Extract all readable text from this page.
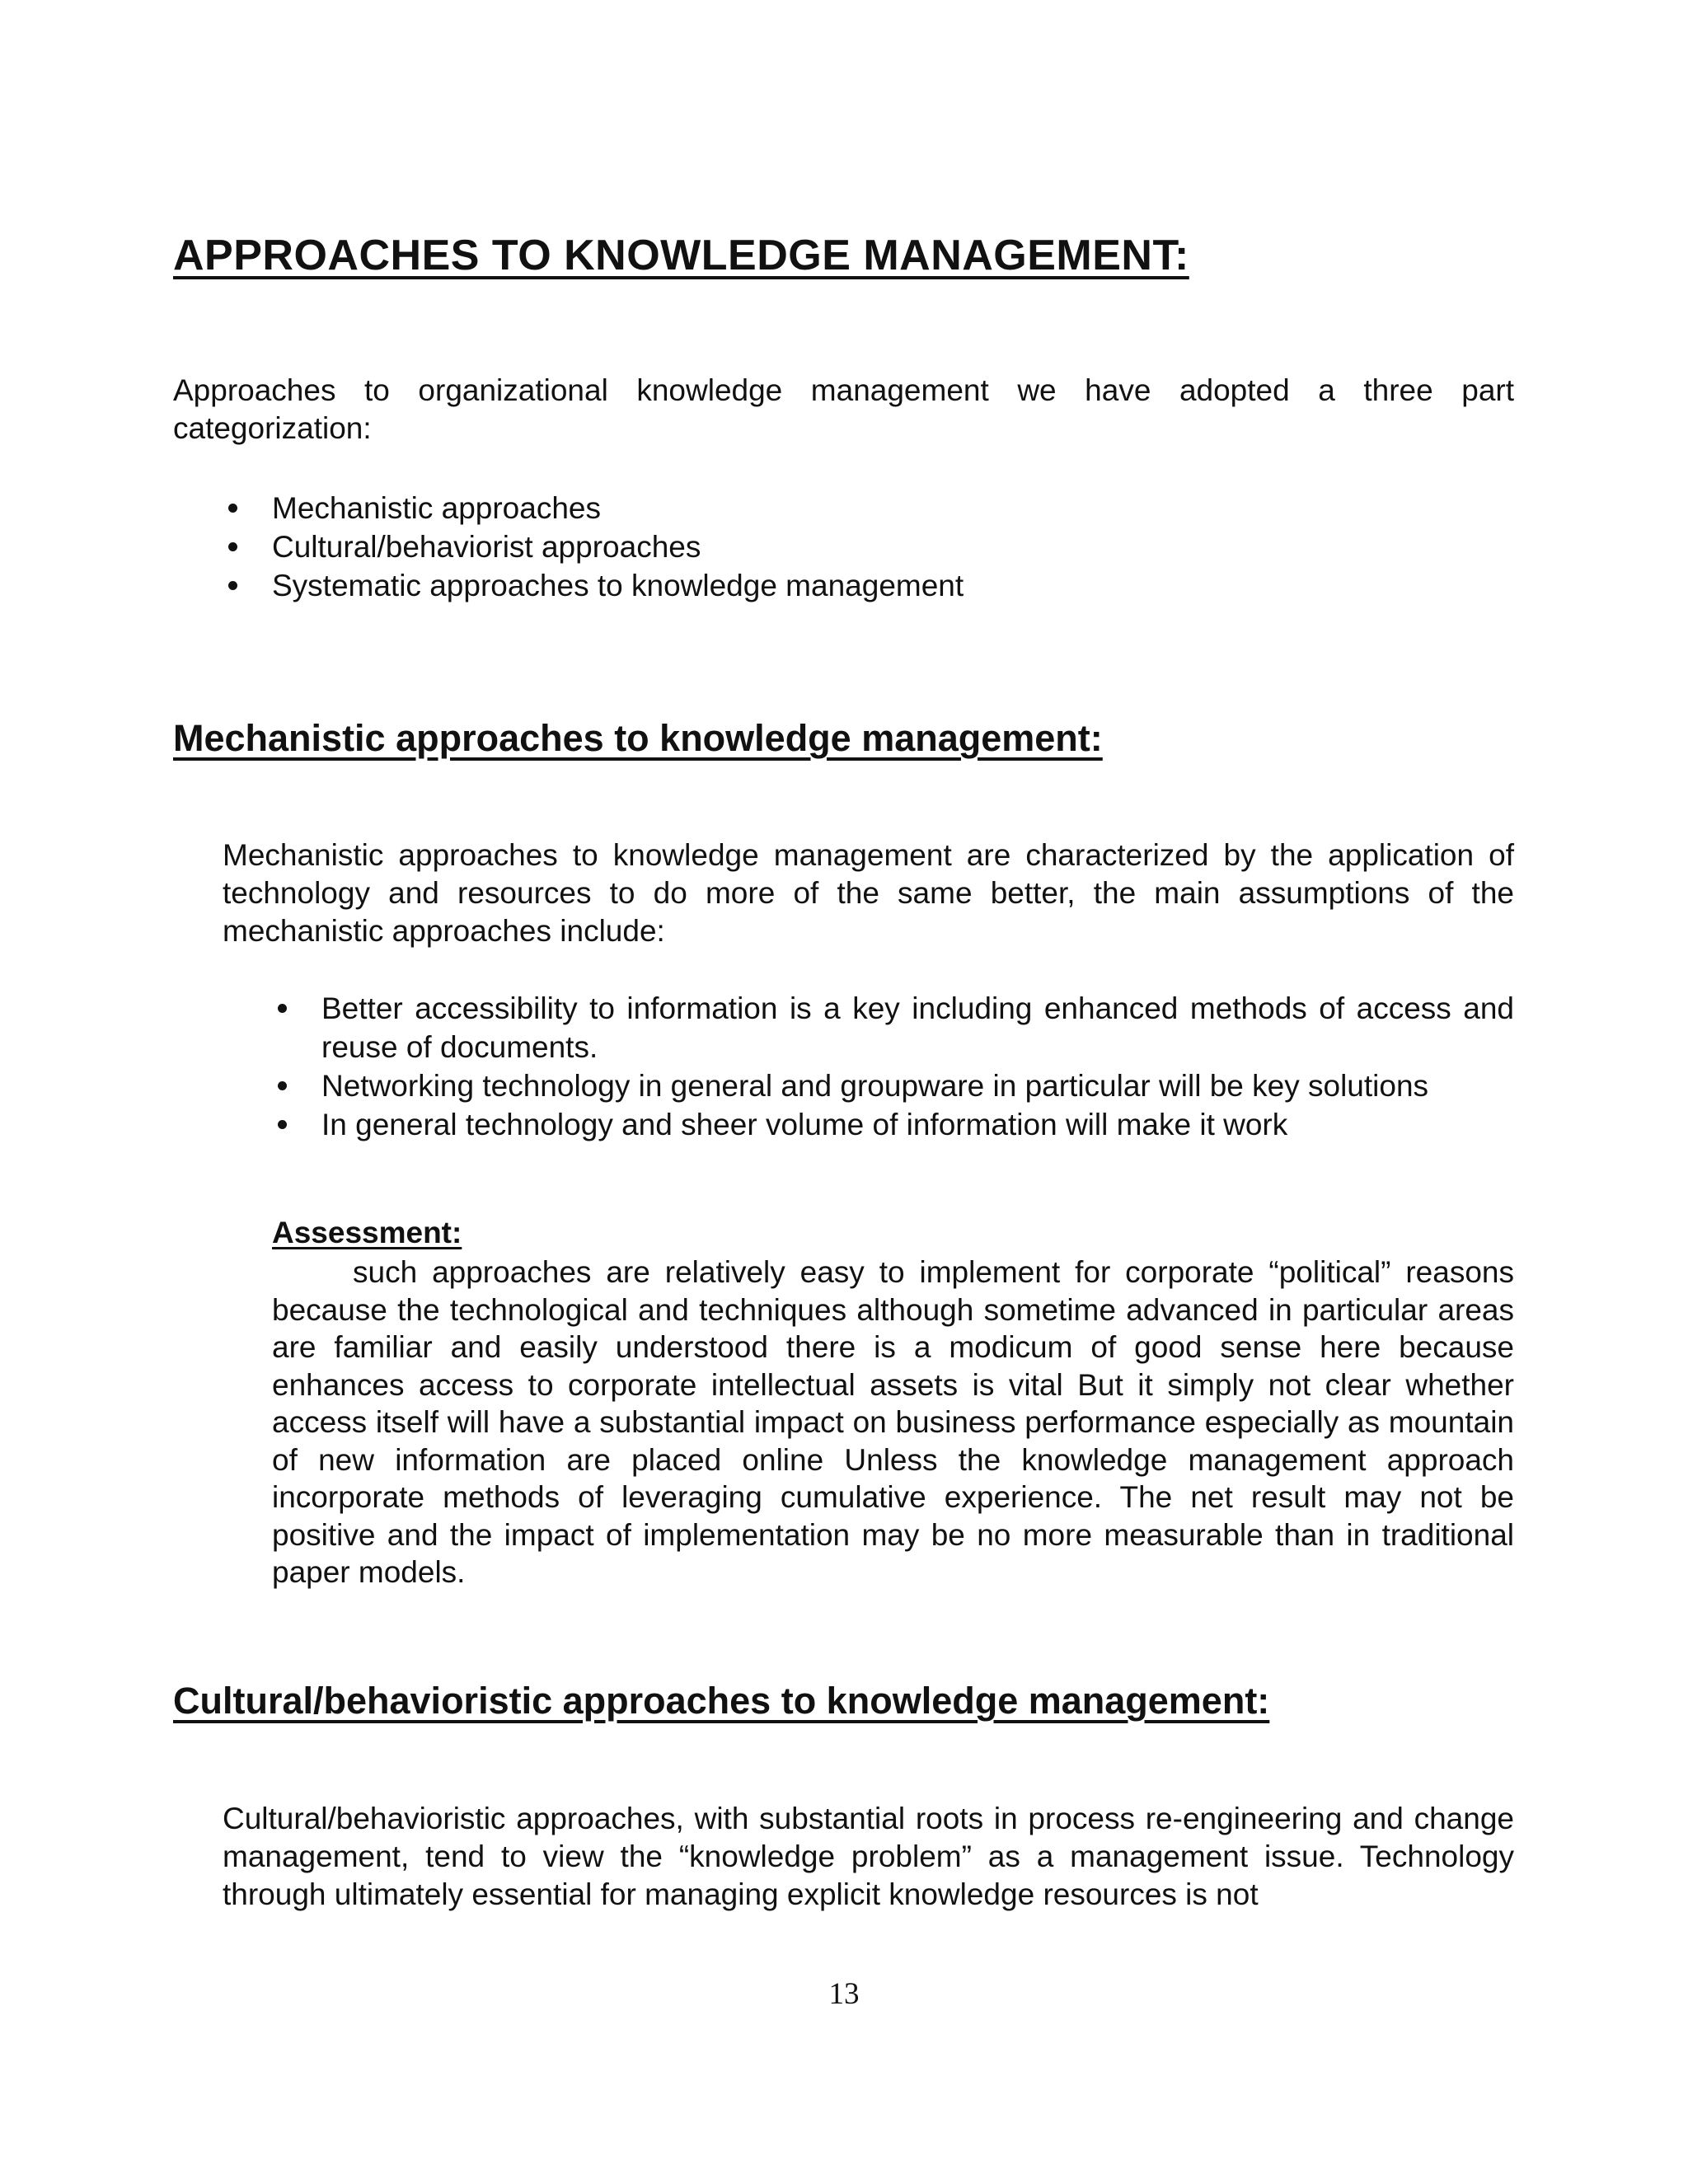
APPROACHES TO KNOWLEDGE MANAGEMENT:

Approaches to organizational knowledge management we have adopted a three part categorization:

Mechanistic approaches
Cultural/behaviorist approaches
Systematic approaches to knowledge management
Mechanistic approaches to knowledge management:

Mechanistic approaches to knowledge management are characterized by the application of technology and resources to do more of the same better, the main assumptions of the mechanistic approaches include:

Better accessibility to information is a key including enhanced methods of access and reuse of documents.
Networking technology in general and groupware in particular will be key solutions
In general technology and sheer volume of information will make it work

Assessment:

such approaches are relatively easy to implement for corporate “political” reasons because the technological and techniques although sometime advanced in particular areas are familiar and easily understood there is a modicum of good sense here because enhances access to corporate intellectual assets is vital But it simply not clear whether access itself will have a substantial impact on business performance especially as mountain of new information are placed online Unless the knowledge management approach incorporate methods of leveraging cumulative experience. The net result may not be positive and the impact of implementation may be no more measurable than in traditional paper models.

Cultural/behavioristic approaches to knowledge management:

Cultural/behavioristic approaches, with substantial roots in process re-engineering and change management, tend to view the “knowledge problem” as a management issue. Technology through ultimately essential for managing explicit knowledge resources is not

13
